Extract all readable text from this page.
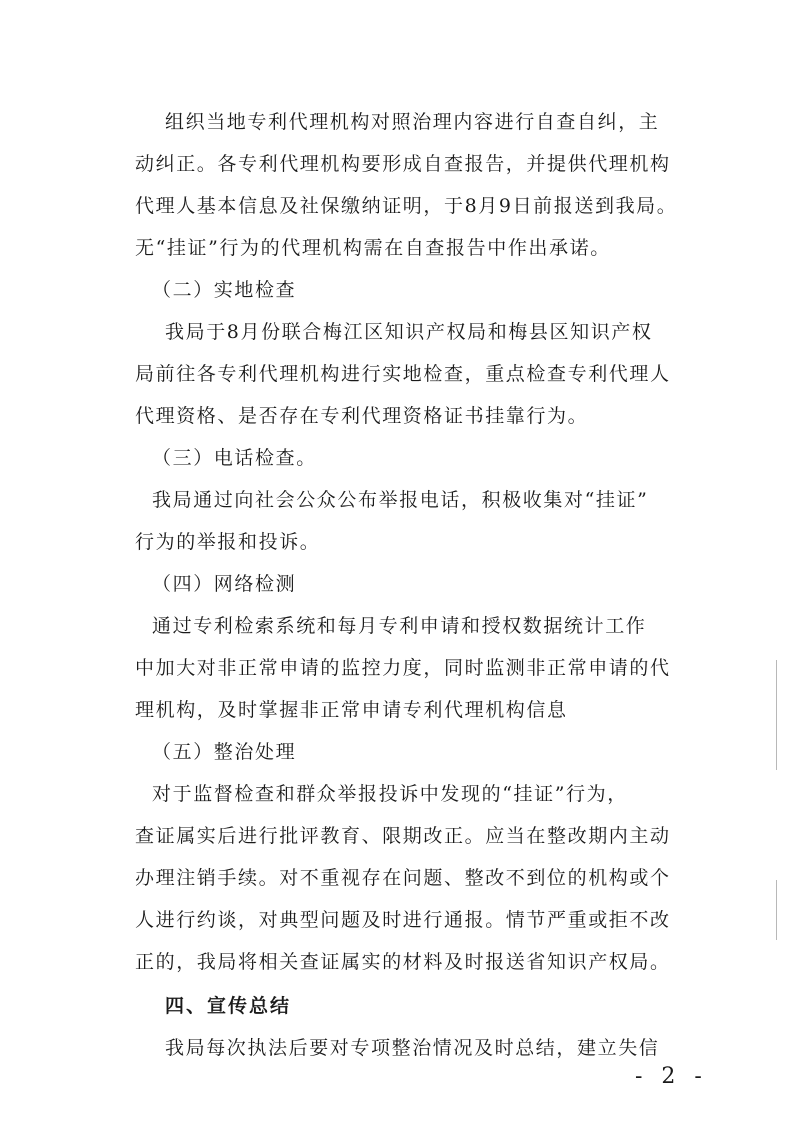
组织当地专利代理机构对照治理内容进行自查自纠，主
动纠正。各专利代理机构要形成自查报告，并提供代理机构
代理人基本信息及社保缴纳证明，于8月9日前报送到我局。
无“挂证”行为的代理机构需在自查报告中作出承诺。
（二）实地检查
我局于8月份联合梅江区知识产权局和梅县区知识产权
局前往各专利代理机构进行实地检查，重点检查专利代理人
代理资格、是否存在专利代理资格证书挂靠行为。
（三）电话检查。
我局通过向社会公众公布举报电话，积极收集对“挂证”
行为的举报和投诉。
（四）网络检测
通过专利检索系统和每月专利申请和授权数据统计工作
中加大对非正常申请的监控力度，同时监测非正常申请的代
理机构，及时掌握非正常申请专利代理机构信息
（五）整治处理
对于监督检查和群众举报投诉中发现的“挂证”行为，
查证属实后进行批评教育、限期改正。应当在整改期内主动
办理注销手续。对不重视存在问题、整改不到位的机构或个
人进行约谈，对典型问题及时进行通报。情节严重或拒不改
正的，我局将相关查证属实的材料及时报送省知识产权局。
四、宣传总结
我局每次执法后要对专项整治情况及时总结，建立失信
- 2 -
